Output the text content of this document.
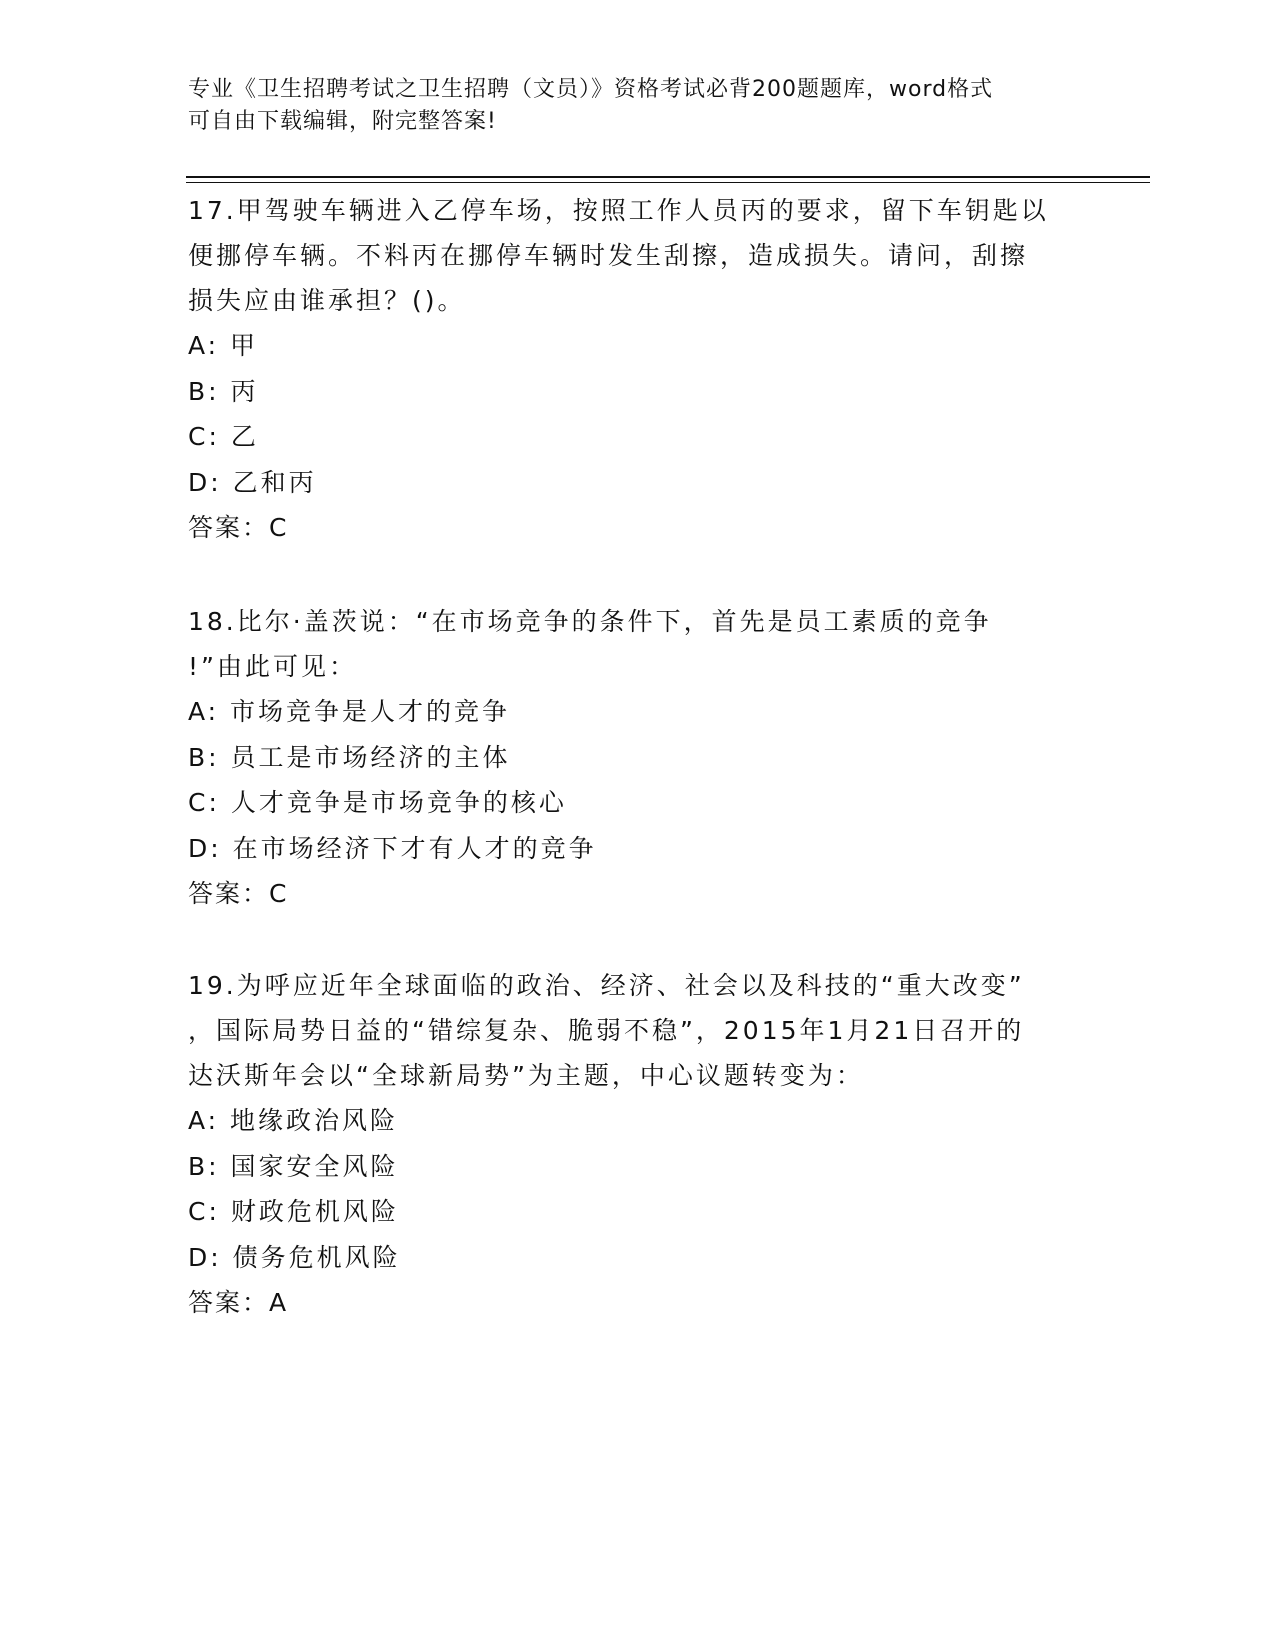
专业《卫生招聘考试之卫生招聘（文员）》资格考试必背200题题库，word格式
可自由下载编辑，附完整答案!

17.甲驾驶车辆进入乙停车场，按照工作人员丙的要求，留下车钥匙以

便挪停车辆。不料丙在挪停车辆时发生刮擦，造成损失。请问，刮擦

损失应由谁承担？()。

A: 甲

B: 丙

C: 乙

D: 乙和丙

答案：C

18.比尔·盖茨说：“在市场竞争的条件下，首先是员工素质的竞争

!”由此可见：

A: 市场竞争是人才的竞争

B: 员工是市场经济的主体

C: 人才竞争是市场竞争的核心

D: 在市场经济下才有人才的竞争

答案：C

19.为呼应近年全球面临的政治、经济、社会以及科技的“重大改变”

，国际局势日益的“错综复杂、脆弱不稳”，2015年1月21日召开的

达沃斯年会以“全球新局势”为主题，中心议题转变为：

A: 地缘政治风险

B: 国家安全风险

C: 财政危机风险

D: 债务危机风险

答案：A
